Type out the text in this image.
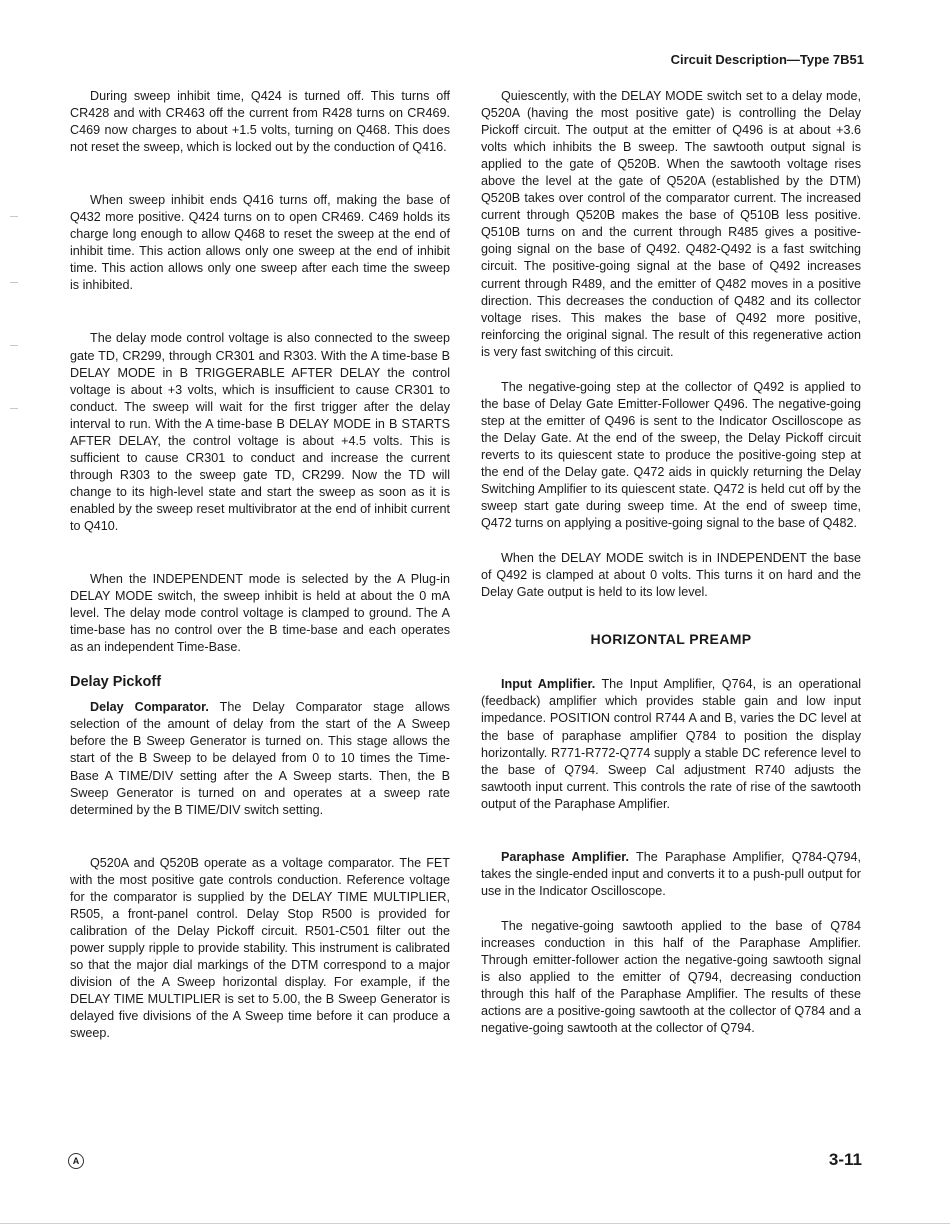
Circuit Description—Type 7B51

During sweep inhibit time, Q424 is turned off. This turns off CR428 and with CR463 off the current from R428 turns on CR469. C469 now charges to about +1.5 volts, turning on Q468. This does not reset the sweep, which is locked out by the conduction of Q416.

When sweep inhibit ends Q416 turns off, making the base of Q432 more positive. Q424 turns on to open CR469. C469 holds its charge long enough to allow Q468 to reset the sweep at the end of inhibit time. This action allows only one sweep at the end of inhibit time. This action allows only one sweep after each time the sweep is inhibited.

The delay mode control voltage is also connected to the sweep gate TD, CR299, through CR301 and R303. With the A time-base B DELAY MODE in B TRIGGERABLE AFTER DELAY the control voltage is about +3 volts, which is insufficient to cause CR301 to conduct. The sweep will wait for the first trigger after the delay interval to run. With the A time-base B DELAY MODE in B STARTS AFTER DELAY, the control voltage is about +4.5 volts. This is sufficient to cause CR301 to conduct and increase the current through R303 to the sweep gate TD, CR299. Now the TD will change to its high-level state and start the sweep as soon as it is enabled by the sweep reset multivibrator at the end of inhibit current to Q410.

When the INDEPENDENT mode is selected by the A Plug-in DELAY MODE switch, the sweep inhibit is held at about the 0 mA level. The delay mode control voltage is clamped to ground. The A time-base has no control over the B time-base and each operates as an independent Time-Base.

Delay Pickoff

Delay Comparator. The Delay Comparator stage allows selection of the amount of delay from the start of the A Sweep before the B Sweep Generator is turned on. This stage allows the start of the B Sweep to be delayed from 0 to 10 times the Time-Base A TIME/DIV setting after the A Sweep starts. Then, the B Sweep Generator is turned on and operates at a sweep rate determined by the B TIME/DIV switch setting.

Q520A and Q520B operate as a voltage comparator. The FET with the most positive gate controls conduction. Reference voltage for the comparator is supplied by the DELAY TIME MULTIPLIER, R505, a front-panel control. Delay Stop R500 is provided for calibration of the Delay Pickoff circuit. R501-C501 filter out the power supply ripple to provide stability. This instrument is calibrated so that the major dial markings of the DTM correspond to a major division of the A Sweep horizontal display. For example, if the DELAY TIME MULTIPLIER is set to 5.00, the B Sweep Generator is delayed five divisions of the A Sweep time before it can produce a sweep.

Quiescently, with the DELAY MODE switch set to a delay mode, Q520A (having the most positive gate) is controlling the Delay Pickoff circuit. The output at the emitter of Q496 is at about +3.6 volts which inhibits the B sweep. The sawtooth output signal is applied to the gate of Q520B. When the sawtooth voltage rises above the level at the gate of Q520A (established by the DTM) Q520B takes over control of the comparator current. The increased current through Q520B makes the base of Q510B less positive. Q510B turns on and the current through R485 gives a positive-going signal on the base of Q492. Q482-Q492 is a fast switching circuit. The positive-going signal at the base of Q492 increases current through R489, and the emitter of Q482 moves in a positive direction. This decreases the conduction of Q482 and its collector voltage rises. This makes the base of Q492 more positive, reinforcing the original signal. The result of this regenerative action is very fast switching of this circuit.

The negative-going step at the collector of Q492 is applied to the base of Delay Gate Emitter-Follower Q496. The negative-going step at the emitter of Q496 is sent to the Indicator Oscilloscope as the Delay Gate. At the end of the sweep, the Delay Pickoff circuit reverts to its quiescent state to produce the positive-going step at the end of the Delay gate. Q472 aids in quickly returning the Delay Switching Amplifier to its quiescent state. Q472 is held cut off by the sweep start gate during sweep time. At the end of sweep time, Q472 turns on applying a positive-going signal to the base of Q482.

When the DELAY MODE switch is in INDEPENDENT the base of Q492 is clamped at about 0 volts. This turns it on hard and the Delay Gate output is held to its low level.

HORIZONTAL PREAMP

Input Amplifier. The Input Amplifier, Q764, is an operational (feedback) amplifier which provides stable gain and low input impedance. POSITION control R744 A and B, varies the DC level at the base of paraphase amplifier Q784 to position the display horizontally. R771-R772-Q774 supply a stable DC reference level to the base of Q794. Sweep Cal adjustment R740 adjusts the sawtooth input current. This controls the rate of rise of the sawtooth output of the Paraphase Amplifier.

Paraphase Amplifier. The Paraphase Amplifier, Q784-Q794, takes the single-ended input and converts it to a push-pull output for use in the Indicator Oscilloscope.

The negative-going sawtooth applied to the base of Q784 increases conduction in this half of the Paraphase Amplifier. Through emitter-follower action the negative-going sawtooth signal is also applied to the emitter of Q794, decreasing conduction through this half of the Paraphase Amplifier. The results of these actions are a positive-going sawtooth at the collector of Q784 and a negative-going sawtooth at the collector of Q794.

A	3-11
